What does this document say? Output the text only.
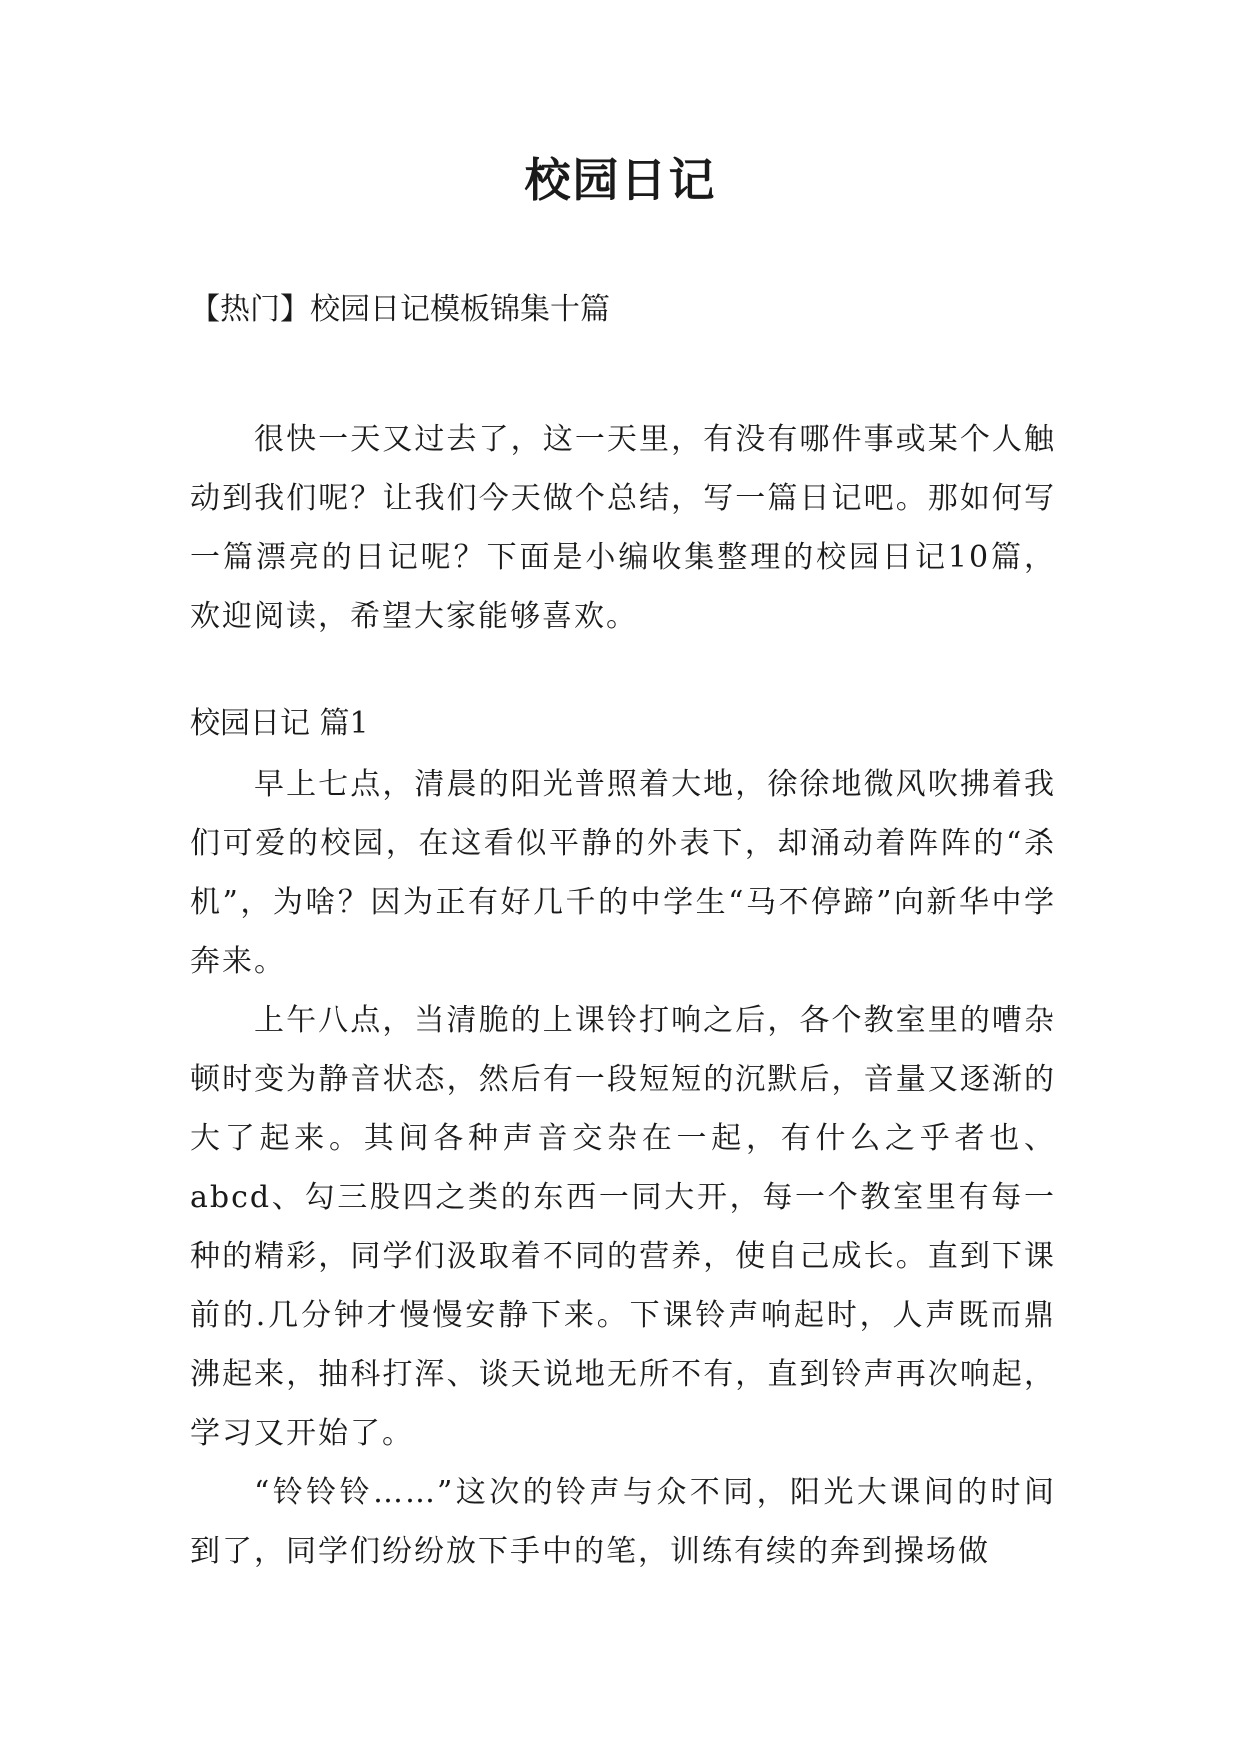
校园日记
【热门】校园日记模板锦集十篇

很快一天又过去了，这一天里，有没有哪件事或某个人触动到我们呢？让我们今天做个总结，写一篇日记吧。那如何写一篇漂亮的日记呢？下面是小编收集整理的校园日记10篇，欢迎阅读，希望大家能够喜欢。

校园日记 篇1

早上七点，清晨的阳光普照着大地，徐徐地微风吹拂着我们可爱的校园，在这看似平静的外表下，却涌动着阵阵的“杀机”，为啥？因为正有好几千的中学生“马不停蹄”向新华中学奔来。

上午八点，当清脆的上课铃打响之后，各个教室里的嘈杂顿时变为静音状态，然后有一段短短的沉默后，音量又逐渐的大了起来。其间各种声音交杂在一起，有什么之乎者也、abcd、勾三股四之类的东西一同大开，每一个教室里有每一种的精彩，同学们汲取着不同的营养，使自己成长。直到下课前的.几分钟才慢慢安静下来。下课铃声响起时，人声既而鼎沸起来，抽科打浑、谈天说地无所不有，直到铃声再次响起，学习又开始了。

“铃铃铃……”这次的铃声与众不同，阳光大课间的时间到了，同学们纷纷放下手中的笔，训练有续的奔到操场做
